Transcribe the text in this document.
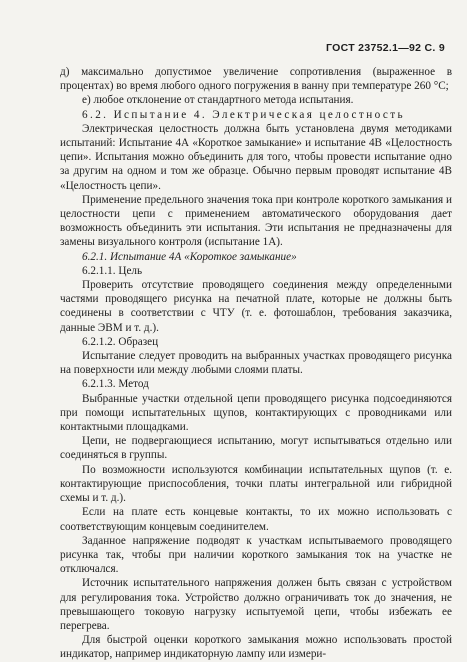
ГОСТ 23752.1—92 С. 9

д) максимально допустимое увеличение сопротивления (выраженное в процентах) во время любого одного погружения в ванну при температуре 260 °С;

е) любое отклонение от стандартного метода испытания.

6.2. Испытание 4. Электрическая целостность

Электрическая целостность должна быть установлена двумя методиками испытаний: Испытание 4А «Короткое замыкание» и испытание 4В «Целостность цепи». Испытания можно объединить для того, чтобы провести испытание одно за другим на одном и том же образце. Обычно первым проводят испытание 4В «Целостность цепи».

Применение предельного значения тока при контроле короткого замыкания и целостности цепи с применением автоматического оборудования дает возможность объединить эти испытания. Эти испытания не предназначены для замены визуального контроля (испытание 1А).

6.2.1. Испытание 4А «Короткое замыкание»

6.2.1.1. Цель

Проверить отсутствие проводящего соединения между определенными частями проводящего рисунка на печатной плате, которые не должны быть соединены в соответствии с ЧТУ (т. е. фотошаблон, требования заказчика, данные ЭВМ и т. д.).

6.2.1.2. Образец

Испытание следует проводить на выбранных участках проводящего рисунка на поверхности или между любыми слоями платы.

6.2.1.3. Метод

Выбранные участки отдельной цепи проводящего рисунка подсоединяются при помощи испытательных щупов, контактирующих с проводниками или контактными площадками.

Цепи, не подвергающиеся испытанию, могут испытываться отдельно или соединяться в группы.

По возможности используются комбинации испытательных щупов (т. е. контактирующие приспособления, точки платы интегральной или гибридной схемы и т. д.).

Если на плате есть концевые контакты, то их можно использовать с соответствующим концевым соединителем.

Заданное напряжение подводят к участкам испытываемого проводящего рисунка так, чтобы при наличии короткого замыкания ток на участке не отключался.

Источник испытательного напряжения должен быть связан с устройством для регулирования тока. Устройство должно ограничивать ток до значения, не превышающего токовую нагрузку испытуемой цепи, чтобы избежать ее перегрева.

Для быстрой оценки короткого замыкания можно использовать простой индикатор, например индикаторную лампу или измери-
